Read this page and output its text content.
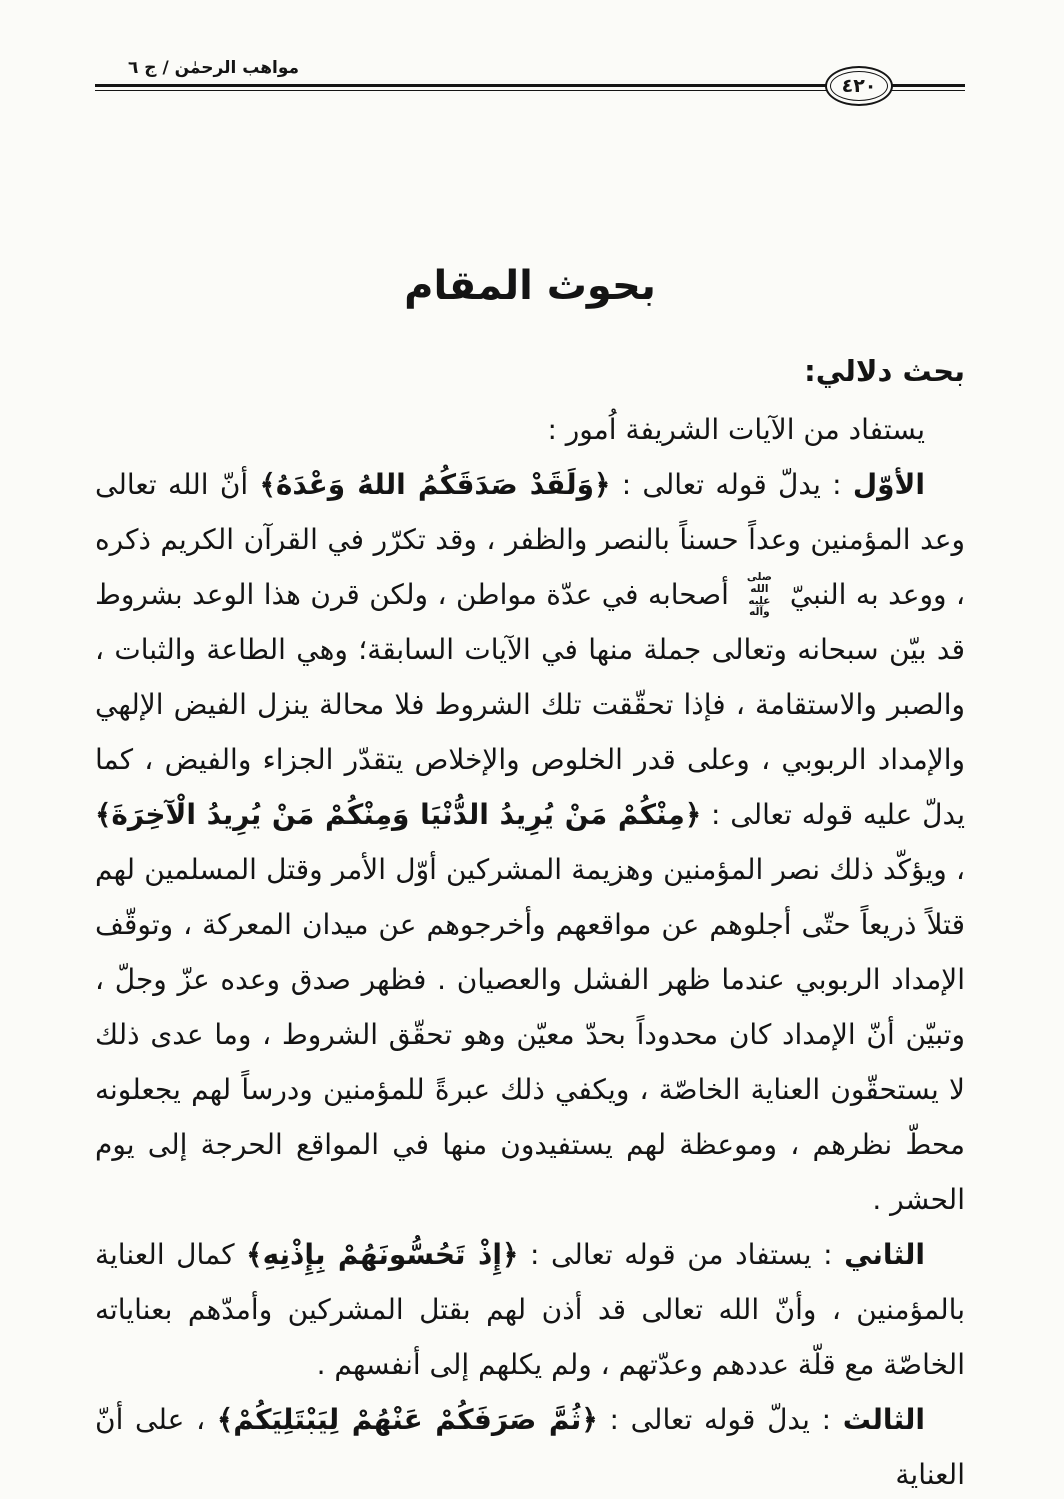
مواهب الرحمٰن / ج ٦
٤٢٠
بحوث المقام
بحث دلالي:

يستفاد من الآيات الشريفة اُمور :

الأوّل : يدلّ قوله تعالى : ﴿وَلَقَدْ صَدَقَكُمُ اللهُ وَعْدَهُ﴾ أنّ الله تعالى وعد المؤمنين وعداً حسناً بالنصر والظفر ، وقد تكرّر في القرآن الكريم ذكره ، ووعد به النبيّ صلى الله عليه وآله أصحابه في عدّة مواطن ، ولكن قرن هذا الوعد بشروط قد بيّن سبحانه وتعالى جملة منها في الآيات السابقة؛ وهي الطاعة والثبات ، والصبر والاستقامة ، فإذا تحقّقت تلك الشروط فلا محالة ينزل الفيض الإلهي والإمداد الربوبي ، وعلى قدر الخلوص والإخلاص يتقدّر الجزاء والفيض ، كما يدلّ عليه قوله تعالى : ﴿مِنْكُمْ مَنْ يُرِيدُ الدُّنْيَا وَمِنْكُمْ مَنْ يُرِيدُ الْآخِرَةَ﴾ ، ويؤكّد ذلك نصر المؤمنين وهزيمة المشركين أوّل الأمر وقتل المسلمين لهم قتلاً ذريعاً حتّى أجلوهم عن مواقعهم وأخرجوهم عن ميدان المعركة ، وتوقّف الإمداد الربوبي عندما ظهر الفشل والعصيان . فظهر صدق وعده عزّ وجلّ ، وتبيّن أنّ الإمداد كان محدوداً بحدّ معيّن وهو تحقّق الشروط ، وما عدى ذلك لا يستحقّون العناية الخاصّة ، ويكفي ذلك عبرةً للمؤمنين ودرساً لهم يجعلونه محطّ نظرهم ، وموعظة لهم يستفيدون منها في المواقع الحرجة إلى يوم الحشر .

الثاني : يستفاد من قوله تعالى : ﴿إِذْ تَحُسُّونَهُمْ بِإِذْنِهِ﴾ كمال العناية بالمؤمنين ، وأنّ الله تعالى قد أذن لهم بقتل المشركين وأمدّهم بعناياته الخاصّة مع قلّة عددهم وعدّتهم ، ولم يكلهم إلى أنفسهم .

الثالث : يدلّ قوله تعالى : ﴿ثُمَّ صَرَفَكُمْ عَنْهُمْ لِيَبْتَلِيَكُمْ﴾ ، على أنّ العناية
